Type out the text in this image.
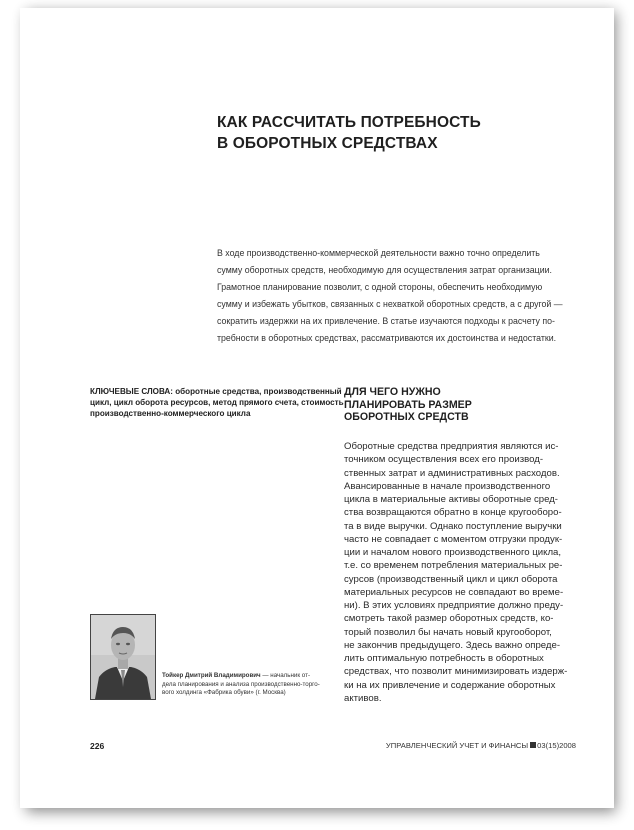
КАК РАССЧИТАТЬ ПОТРЕБНОСТЬ
В ОБОРОТНЫХ СРЕДСТВАХ
В ходе производственно-коммерческой деятельности важно точно определить
сумму оборотных средств, необходимую для осуществления затрат организации.
Грамотное планирование позволит, с одной стороны, обеспечить необходимую
сумму и избежать убытков, связанных с нехваткой оборотных средств, а с другой —
сократить издержки на их привлечение. В статье изучаются подходы к расчету по-
требности в оборотных средствах, рассматриваются их достоинства и недостатки.
КЛЮЧЕВЫЕ СЛОВА: оборотные средства, производственный
цикл, цикл оборота ресурсов, метод прямого счета, стоимость
производственно-коммерческого цикла
ДЛЯ ЧЕГО НУЖНО
ПЛАНИРОВАТЬ РАЗМЕР
ОБОРОТНЫХ СРЕДСТВ
Оборотные средства предприятия являются ис-
точником осуществления всех его производ-
ственных затрат и административных расходов.
Авансированные в начале производственного
цикла в материальные активы оборотные сред-
ства возвращаются обратно в конце кругооборо-
та в виде выручки. Однако поступление выручки
часто не совпадает с моментом отгрузки продук-
ции и началом нового производственного цикла,
т.е. со временем потребления материальных ре-
сурсов (производственный цикл и цикл оборота
материальных ресурсов не совпадают во време-
ни). В этих условиях предприятие должно преду-
смотреть такой размер оборотных средств, ко-
торый позволил бы начать новый кругооборот,
не закончив предыдущего. Здесь важно опреде-
лить оптимальную потребность в оборотных
средствах, что позволит минимизировать издерж-
ки на их привлечение и содержание оборотных
активов.
Тойкер Дмитрий Владимирович — начальник от-
дела планирования и анализа производственно-торго-
вого холдинга «Фабрика обуви» (г. Москва)
226	УПРАВЛЕНЧЕСКИЙ УЧЕТ И ФИНАНСЫ 03(15)2008
